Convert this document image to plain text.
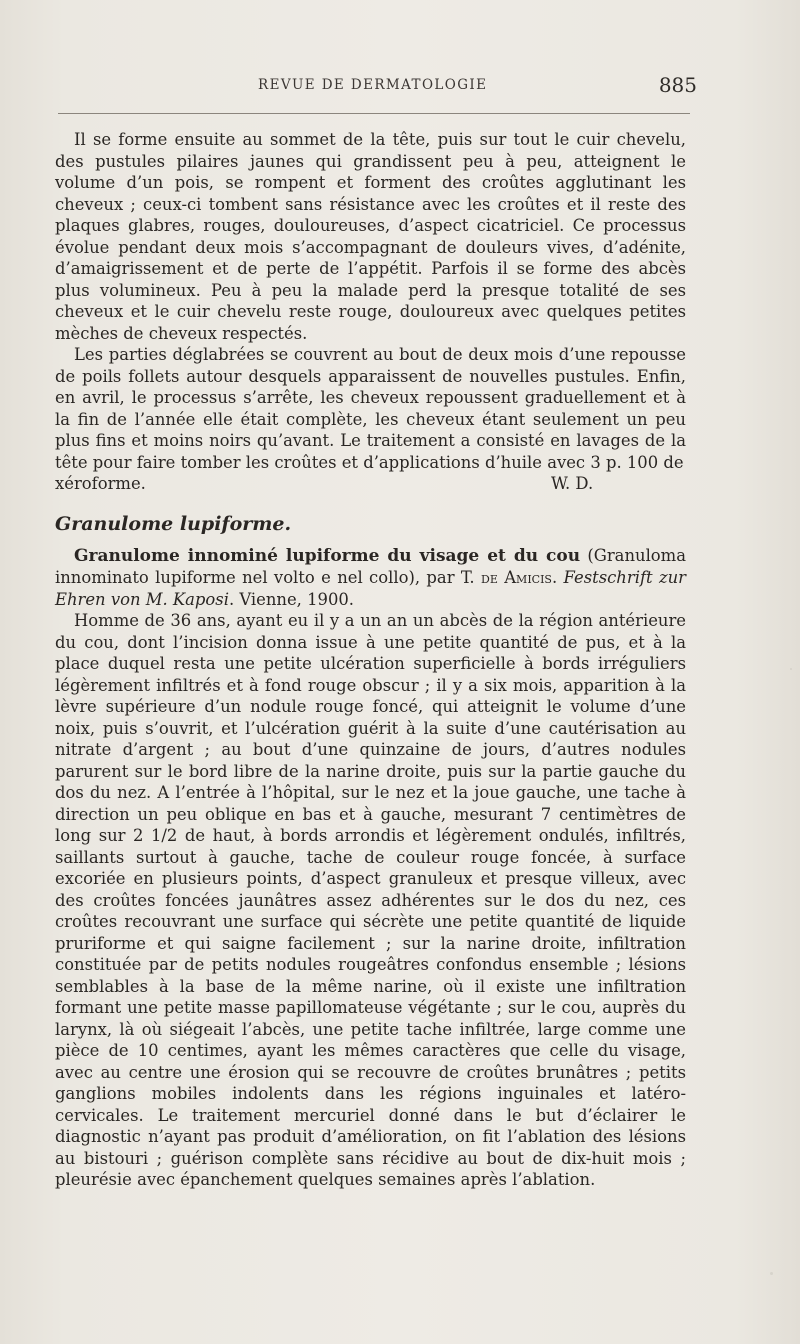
REVUE DE DERMATOLOGIE	885

Il se forme ensuite au sommet de la tête, puis sur tout le cuir chevelu, des pustules pilaires jaunes qui grandissent peu à peu, atteignent le volume d’un pois, se rompent et forment des croûtes agglutinant les cheveux ; ceux-ci tombent sans résistance avec les croûtes et il reste des plaques glabres, rouges, douloureuses, d’aspect cicatriciel. Ce processus évolue pendant deux mois s’accompagnant de douleurs vives, d’adénite, d’amaigrissement et de perte de l’appétit. Parfois il se forme des abcès plus volumineux. Peu à peu la malade perd la presque totalité de ses cheveux et le cuir chevelu reste rouge, douloureux avec quelques petites mèches de cheveux respectés.

Les parties déglabrées se couvrent au bout de deux mois d’une repousse de poils follets autour desquels apparaissent de nouvelles pustules. Enfin, en avril, le processus s’arrête, les cheveux repoussent graduellement et à la fin de l’année elle était complète, les cheveux étant seulement un peu plus fins et moins noirs qu’avant. Le traitement a consisté en lavages de la tête pour faire tomber les croûtes et d’applications d’huile avec 3 p. 100 de

xéroforme.	W. D.
Granulome lupiforme.

Granulome innominé lupiforme du visage et du cou (Granuloma innominato lupiforme nel volto e nel collo), par T. de Amicis. Festschrift zur Ehren von M. Kaposi. Vienne, 1900.

Homme de 36 ans, ayant eu il y a un an un abcès de la région antérieure du cou, dont l’incision donna issue à une petite quantité de pus, et à la place duquel resta une petite ulcération superficielle à bords irréguliers légèrement infiltrés et à fond rouge obscur ; il y a six mois, apparition à la lèvre supérieure d’un nodule rouge foncé, qui atteignit le volume d’une noix, puis s’ouvrit, et l’ulcération guérit à la suite d’une cautérisation au nitrate d’argent ; au bout d’une quinzaine de jours, d’autres nodules parurent sur le bord libre de la narine droite, puis sur la partie gauche du dos du nez. A l’entrée à l’hôpital, sur le nez et la joue gauche, une tache à direction un peu oblique en bas et à gauche, mesurant 7 centimètres de long sur 2 1/2 de haut, à bords arrondis et légèrement ondulés, infiltrés, saillants surtout à gauche, tache de couleur rouge foncée, à surface excoriée en plusieurs points, d’aspect granuleux et presque villeux, avec des croûtes foncées jaunâtres assez adhérentes sur le dos du nez, ces croûtes recouvrant une surface qui sécrète une petite quantité de liquide pruriforme et qui saigne facilement ; sur la narine droite, infiltration constituée par de petits nodules rougeâtres confondus ensemble ; lésions semblables à la base de la même narine, où il existe une infiltration formant une petite masse papillomateuse végétante ; sur le cou, auprès du larynx, là où siégeait l’abcès, une petite tache infiltrée, large comme une pièce de 10 centimes, ayant les mêmes caractères que celle du visage, avec au centre une érosion qui se recouvre de croûtes brunâtres ; petits ganglions mobiles indolents dans les régions inguinales et latéro-cervicales. Le traitement mercuriel donné dans le but d’éclairer le diagnostic n’ayant pas produit d’amélioration, on fit l’ablation des lésions au bistouri ; guérison complète sans récidive au bout de dix-huit mois ; pleurésie avec épanchement quelques semaines après l’ablation.
